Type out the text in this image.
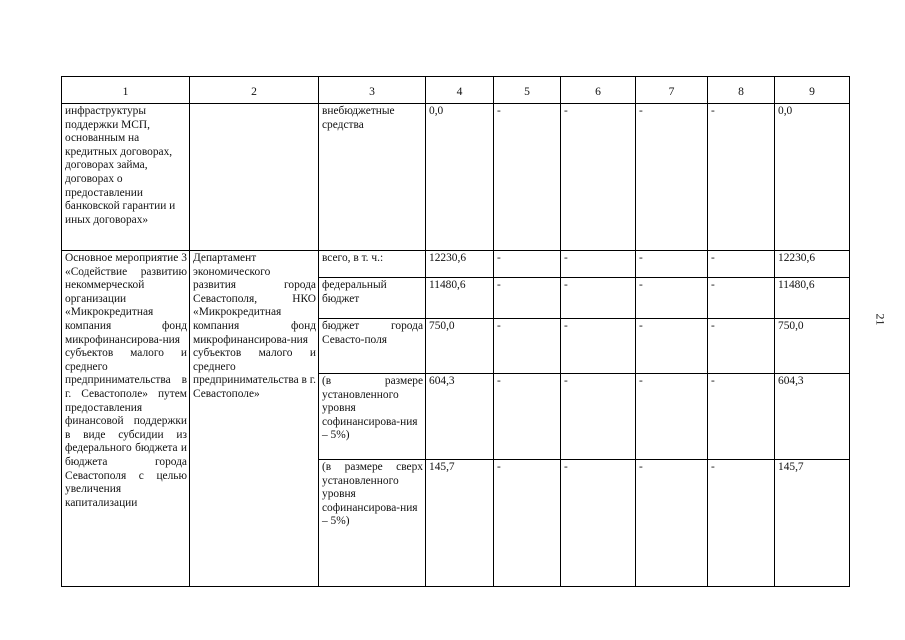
1	2	3	4	5	6	7	8	9
инфраструктуры поддержки МСП, основанным на кредитных договорах, договорах займа, договорах о предоставлении банковской гарантии и иных договорах»		внебюджетные средства	0,0	-	-	-	-	0,0
Основное мероприятие 3 «Содействие развитию некоммерческой организации «Микрокредитная компания фонд микрофинансирова-ния субъектов малого и среднего предпринимательства в г. Севастополе» путем предоставления финансовой поддержки в виде субсидии из федерального бюджета и бюджета города Севастополя с целью увеличения капитализации	Департамент экономического развития города Севастополя, НКО «Микрокредитная компания фонд микрофинансирова-ния субъектов малого и среднего предпринимательства в г. Севастополе»	всего, в т. ч.:	12230,6	-	-	-	-	12230,6
		федеральный бюджет	11480,6	-	-	-	-	11480,6
		бюджет города Севасто-поля	750,0	-	-	-	-	750,0
		(в размере установленного уровня софинансирова-ния – 5%)	604,3	-	-	-	-	604,3
		(в размере сверх установленного уровня софинансирова-ния – 5%)	145,7	-	-	-	-	145,7
21
